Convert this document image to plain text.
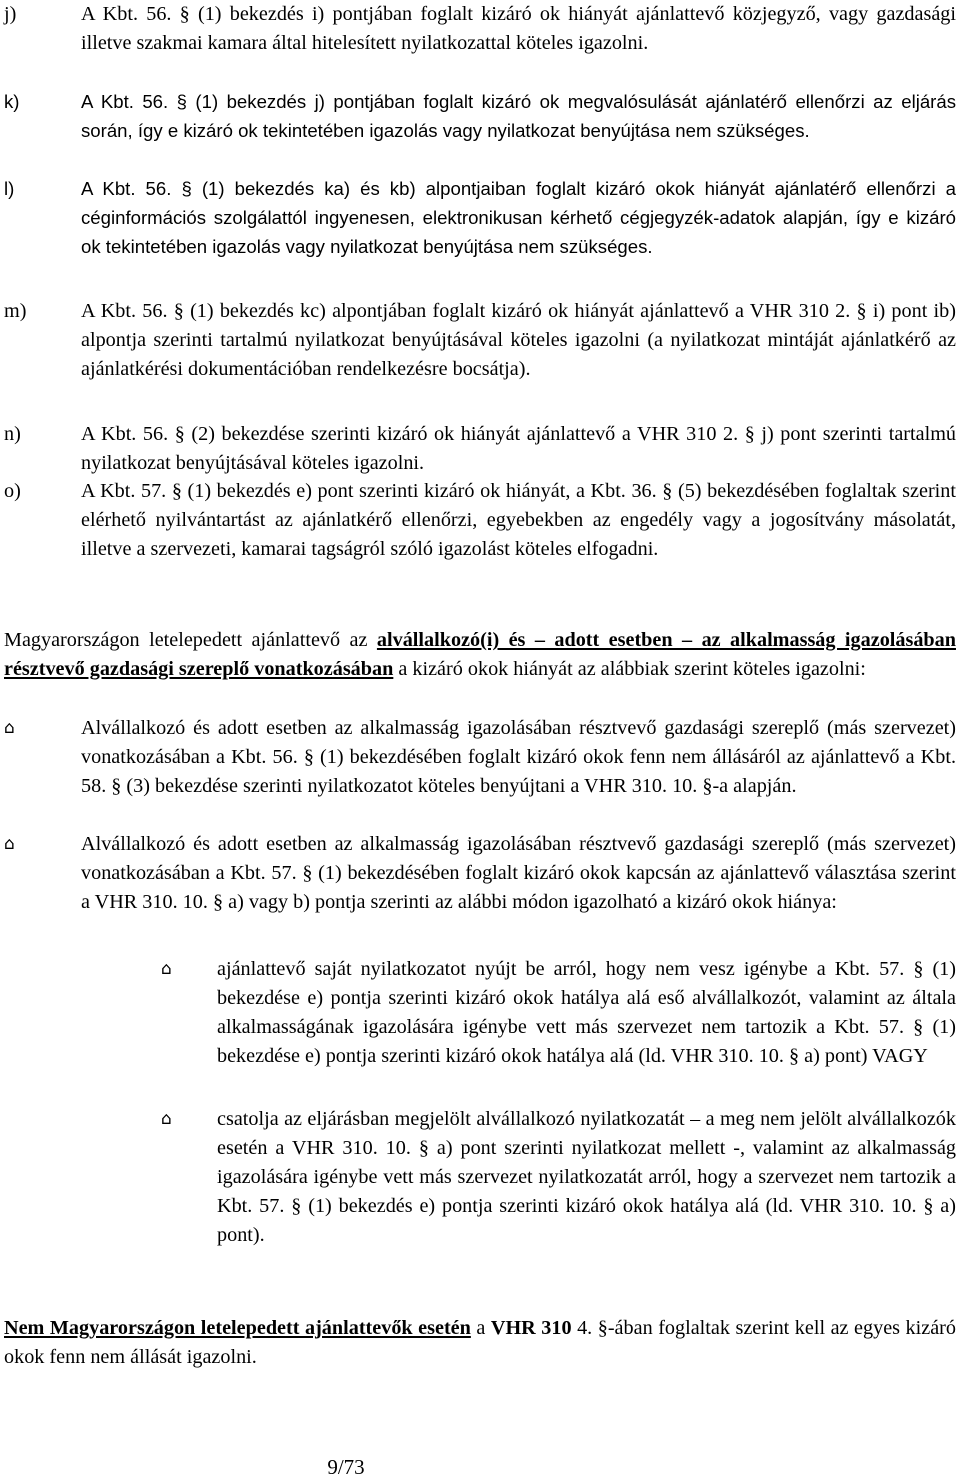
j)	A Kbt. 56. § (1) bekezdés i) pontjában foglalt kizáró ok hiányát ajánlattevő közjegyző, vagy gazdasági illetve szakmai kamara által hitelesített nyilatkozattal köteles igazolni.
k)	A Kbt. 56. § (1) bekezdés j) pontjában foglalt kizáró ok megvalósulását ajánlatérő ellenőrzi az eljárás során, így e kizáró ok tekintetében igazolás vagy nyilatkozat benyújtása nem szükséges.
l)	A Kbt. 56. § (1) bekezdés ka) és kb) alpontjaiban foglalt kizáró okok hiányát ajánlatérő ellenőrzi a céginformációs szolgálattól ingyenesen, elektronikusan kérhető cégjegyzék-adatok alapján, így e kizáró ok tekintetében igazolás vagy nyilatkozat benyújtása nem szükséges.
m)	A Kbt. 56. § (1) bekezdés kc) alpontjában foglalt kizáró ok hiányát ajánlattevő a VHR 310 2. § i) pont ib) alpontja szerinti tartalmú nyilatkozat benyújtásával köteles igazolni (a nyilatkozat mintáját ajánlatkérő az ajánlatkérési dokumentációban rendelkezésre bocsátja).
n)	A Kbt. 56. § (2) bekezdése szerinti kizáró ok hiányát ajánlattevő a VHR 310 2. § j) pont szerinti tartalmú nyilatkozat benyújtásával köteles igazolni.
o)	A Kbt. 57. § (1) bekezdés e) pont szerinti kizáró ok hiányát, a Kbt. 36. § (5) bekezdésében foglaltak szerint elérhető nyilvántartást az ajánlatkérő ellenőrzi, egyebekben az engedély vagy a jogosítvány másolatát, illetve a szervezeti, kamarai tagságról szóló igazolást köteles elfogadni.
Magyarországon letelepedett ajánlattevő az alvállalkozó(i) és – adott esetben – az alkalmasság igazolásában résztvevő gazdasági szereplő vonatkozásában a kizáró okok hiányát az alábbiak szerint köteles igazolni:
⌂	Alvállalkozó és adott esetben az alkalmasság igazolásában résztvevő gazdasági szereplő (más szervezet) vonatkozásában a Kbt. 56. § (1) bekezdésében foglalt kizáró okok fenn nem állásáról az ajánlattevő a Kbt. 58. § (3) bekezdése szerinti nyilatkozatot köteles benyújtani a VHR 310. 10. §-a alapján.
⌂	Alvállalkozó és adott esetben az alkalmasság igazolásában résztvevő gazdasági szereplő (más szervezet) vonatkozásában a Kbt. 57. § (1) bekezdésében foglalt kizáró okok kapcsán az ajánlattevő választása szerint a VHR 310. 10. § a) vagy b) pontja szerinti az alábbi módon igazolható a kizáró okok hiánya:
⌂ ajánlattevő saját nyilatkozatot nyújt be arról, hogy nem vesz igénybe a Kbt. 57. § (1) bekezdése e) pontja szerinti kizáró okok hatálya alá eső alvállalkozót, valamint az általa alkalmasságának igazolására igénybe vett más szervezet nem tartozik a Kbt. 57. § (1) bekezdése e) pontja szerinti kizáró okok hatálya alá (ld. VHR 310. 10. § a) pont) VAGY
⌂ csatolja az eljárásban megjelölt alvállalkozó nyilatkozatát – a meg nem jelölt alvállalkozók esetén a VHR 310. 10. § a) pont szerinti nyilatkozat mellett -, valamint az alkalmasság igazolására igénybe vett más szervezet nyilatkozatát arról, hogy a szervezet nem tartozik a Kbt. 57. § (1) bekezdés e) pontja szerinti kizáró okok hatálya alá (ld. VHR 310. 10. § a) pont).
Nem Magyarországon letelepedett ajánlattevők esetén a VHR 310 4. §-ában foglaltak szerint kell az egyes kizáró okok fenn nem állását igazolni.
9/73
